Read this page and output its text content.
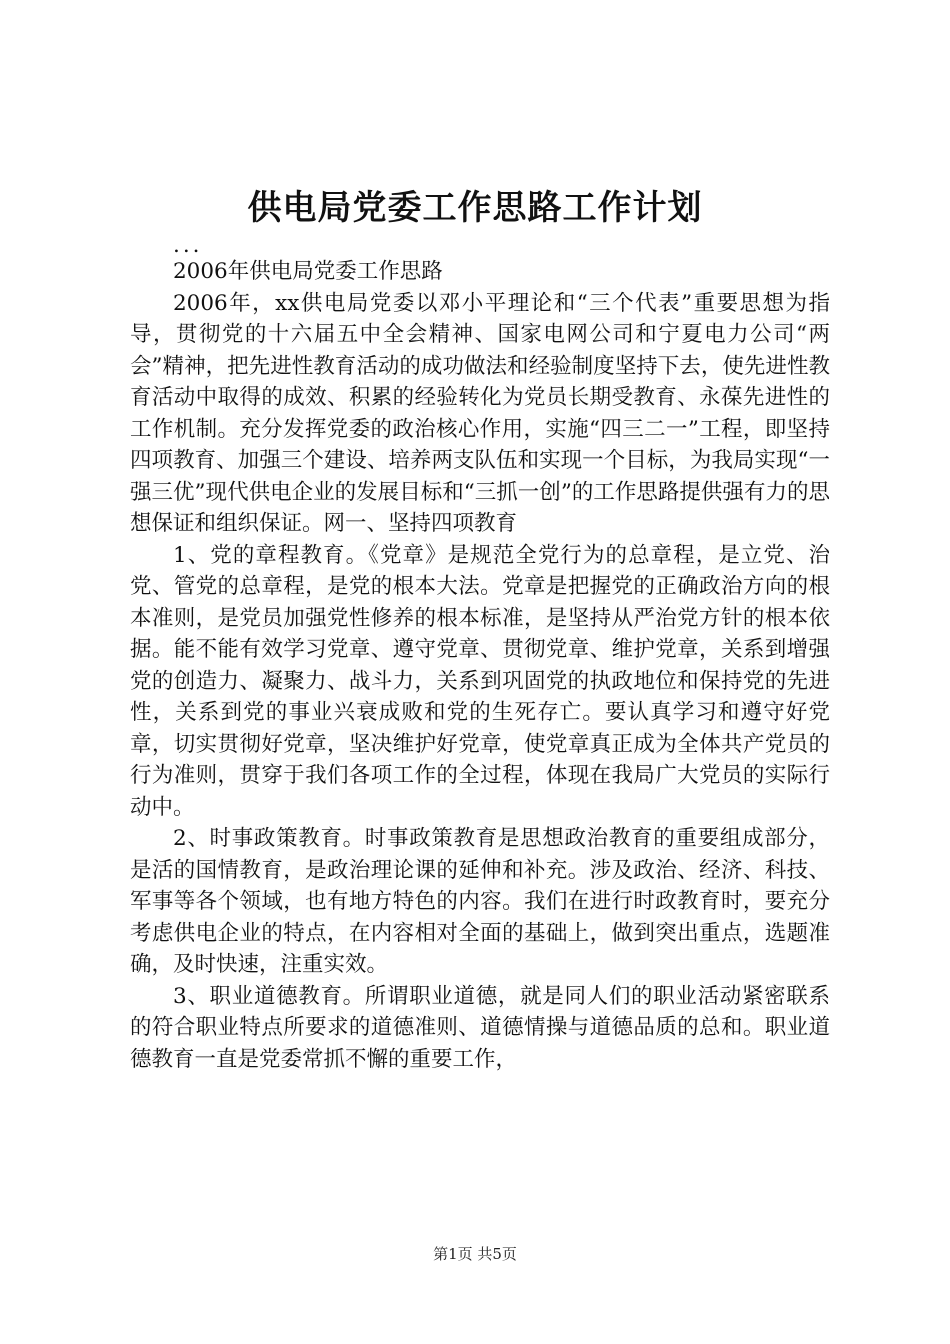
供电局党委工作思路工作计划

...

2006年供电局党委工作思路

2006年，xx供电局党委以邓小平理论和“三个代表”重要思想为指导，贯彻党的十六届五中全会精神、国家电网公司和宁夏电力公司“两会”精神，把先进性教育活动的成功做法和经验制度坚持下去，使先进性教育活动中取得的成效、积累的经验转化为党员长期受教育、永葆先进性的工作机制。充分发挥党委的政治核心作用，实施“四三二一”工程，即坚持四项教育、加强三个建设、培养两支队伍和实现一个目标，为我局实现“一强三优”现代供电企业的发展目标和“三抓一创”的工作思路提供强有力的思想保证和组织保证。网一、坚持四项教育

1、党的章程教育。《党章》是规范全党行为的总章程，是立党、治党、管党的总章程，是党的根本大法。党章是把握党的正确政治方向的根本准则，是党员加强党性修养的根本标准，是坚持从严治党方针的根本依据。能不能有效学习党章、遵守党章、贯彻党章、维护党章，关系到增强党的创造力、凝聚力、战斗力，关系到巩固党的执政地位和保持党的先进性，关系到党的事业兴衰成败和党的生死存亡。要认真学习和遵守好党章，切实贯彻好党章，坚决维护好党章，使党章真正成为全体共产党员的行为准则，贯穿于我们各项工作的全过程，体现在我局广大党员的实际行动中。

2、时事政策教育。时事政策教育是思想政治教育的重要组成部分，是活的国情教育，是政治理论课的延伸和补充。涉及政治、经济、科技、军事等各个领域，也有地方特色的内容。我们在进行时政教育时，要充分考虑供电企业的特点，在内容相对全面的基础上，做到突出重点，选题准确，及时快速，注重实效。

3、职业道德教育。所谓职业道德，就是同人们的职业活动紧密联系的符合职业特点所要求的道德准则、道德情操与道德品质的总和。职业道德教育一直是党委常抓不懈的重要工作，

第1页 共5页
